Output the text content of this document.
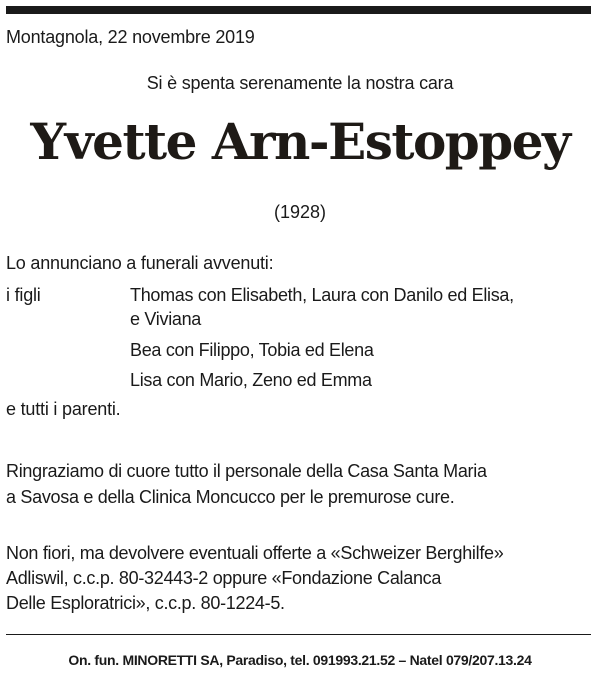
Montagnola, 22 novembre 2019
Si è spenta serenamente la nostra cara
Yvette Arn-Estoppey
(1928)
Lo annunciano a funerali avvenuti:
i figli	Thomas con Elisabeth, Laura con Danilo ed Elisa,
e Viviana
Bea con Filippo, Tobia ed Elena
Lisa con Mario, Zeno ed Emma
e tutti i parenti.
Ringraziamo di cuore tutto il personale della Casa Santa Maria
a Savosa e della Clinica Moncucco per le premurose cure.
Non fiori, ma devolvere eventuali offerte a «Schweizer Berghilfe»
Adliswil, c.c.p. 80-32443-2 oppure «Fondazione Calanca
Delle Esploratrici», c.c.p. 80-1224-5.
On. fun. MINORETTI SA, Paradiso, tel. 091993.21.52 – Natel 079/207.13.24
